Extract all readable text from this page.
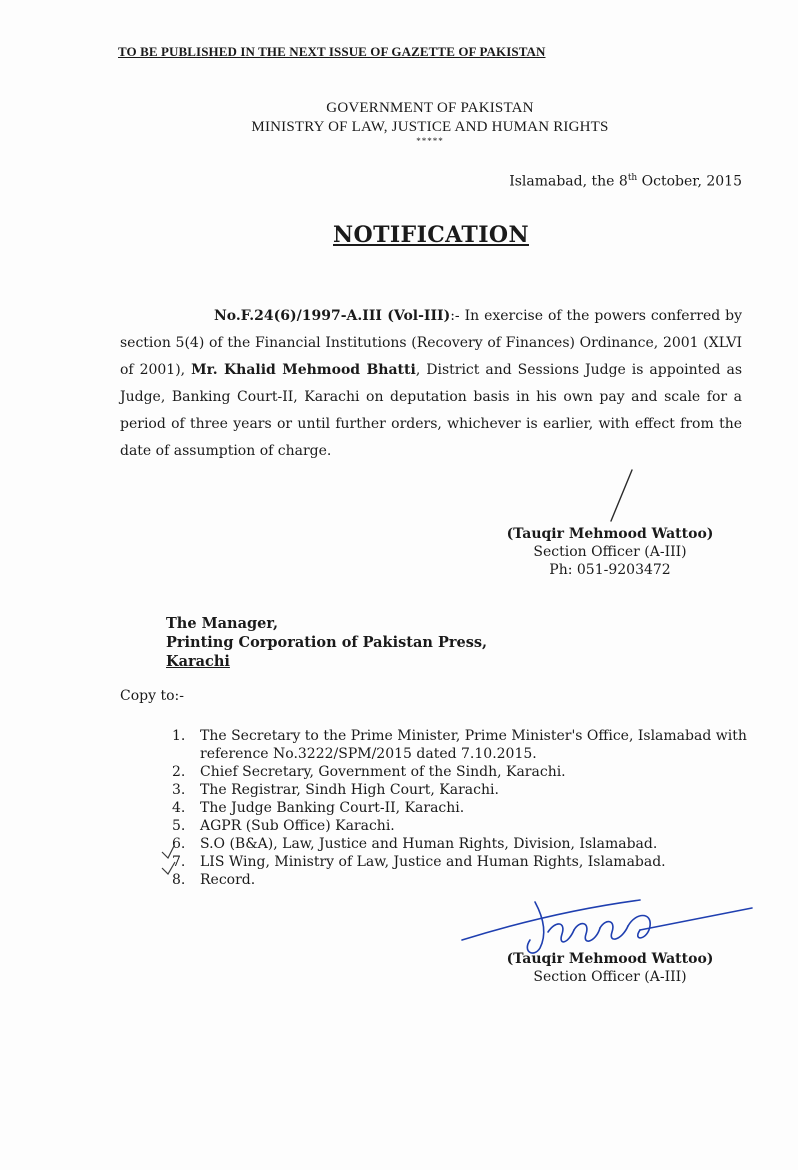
TO BE PUBLISHED IN THE NEXT ISSUE OF GAZETTE OF PAKISTAN
GOVERNMENT OF PAKISTAN
MINISTRY OF LAW, JUSTICE AND HUMAN RIGHTS
*****
Islamabad, the 8th October, 2015
NOTIFICATION
No.F.24(6)/1997-A.III (Vol-III):- In exercise of the powers conferred by section 5(4) of the Financial Institutions (Recovery of Finances) Ordinance, 2001 (XLVI of 2001), Mr. Khalid Mehmood Bhatti, District and Sessions Judge is appointed as Judge, Banking Court-II, Karachi on deputation basis in his own pay and scale for a period of three years or until further orders, whichever is earlier, with effect from the date of assumption of charge.
(Tauqir Mehmood Wattoo)
Section Officer (A-III)
Ph: 051-9203472
The Manager,
Printing Corporation of Pakistan Press,
Karachi
Copy to:-
1.	The Secretary to the Prime Minister, Prime Minister's Office, Islamabad with reference No.3222/SPM/2015 dated 7.10.2015.
2.	Chief Secretary, Government of the Sindh, Karachi.
3.	The Registrar, Sindh High Court, Karachi.
4.	The Judge Banking Court-II, Karachi.
5.	AGPR (Sub Office) Karachi.
6.	S.O (B&A), Law, Justice and Human Rights, Division, Islamabad.
7.	LIS Wing, Ministry of Law, Justice and Human Rights, Islamabad.
8.	Record.
(Tauqir Mehmood Wattoo)
Section Officer (A-III)
